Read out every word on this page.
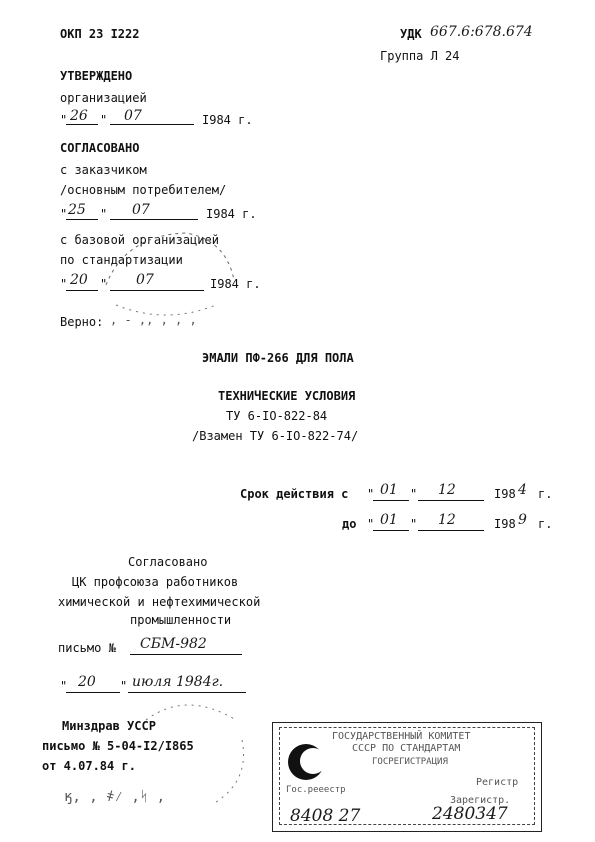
ОКП 23 I222	УДК 667.6:678.674
Группа Л 24
УТВЕРЖДЕНО
организацией
" 26 " 07	I984 г.
СОГЛАСОВАНО
с заказчиком
/основным потребителем/
" 25 " 07	I984 г.
с базовой организацией
по стандартизации
" 20 " 07	I984 г.
Верно: , - ,, , , ,
ЭМАЛИ ПФ-266 ДЛЯ ПОЛА
ТЕХНИЧЕСКИЕ УСЛОВИЯ
ТУ 6-IO-822-84
/Взамен ТУ 6-IO-822-74/
Срок действия с " 01 " 12	I98 4 г.
до " 01 " 12	I98 9 г.
Согласовано
ЦК профсоюза работников
химической и нефтехимической
промышленности
письмо № СБМ-982
" 20 " июля 1984г.
Минздрав УССР
письмо № 5-04-I2/I865
от 4.07.84 г.
ӄ, , ҂⁄ ,ᛋ ,
ГОСУДАРСТВЕННЫЙ КОМИТЕТ
СССР ПО СТАНДАРТАМ
ГОСРЕГИСТРАЦИЯ
Регистр
Гос.рееестр
Зарегистр.
8408 27	2480347
